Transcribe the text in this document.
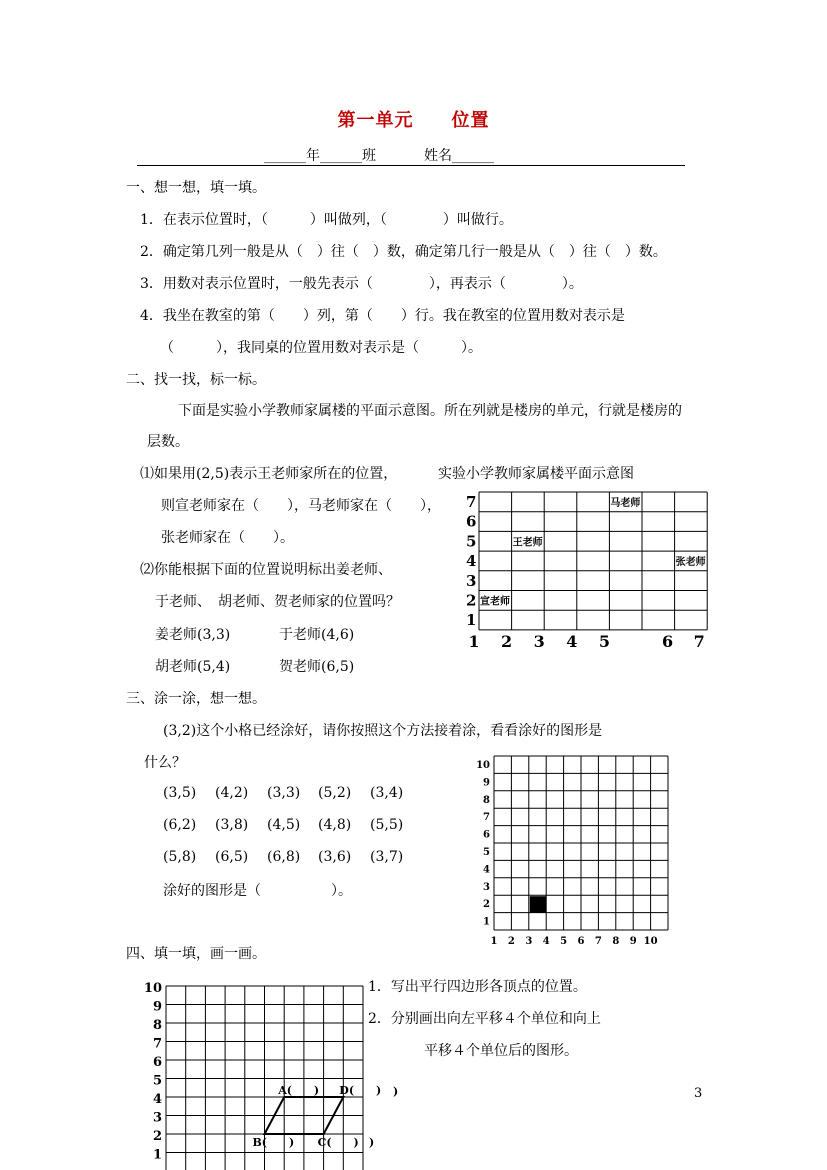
第一单元　　位置
______年______班	姓名______
一、想一想，填一填。
1．在表示位置时，（　　　）叫做列，（　　　　）叫做行。
2．确定第几列一般是从（　）往（　）数，确定第几行一般是从（　）往（　）数。
3．用数对表示位置时，一般先表示（　　　　），再表示（　　　　）。
4．我坐在教室的第（　　）列，第（　　）行。我在教室的位置用数对表示是
（　　　），我同桌的位置用数对表示是（　　　）。
二、找一找，标一标。
下面是实验小学教师家属楼的平面示意图。所在列就是楼房的单元，行就是楼房的
层数。
⑴如果用(2,5)表示王老师家所在的位置，
则宣老师家在（　　），马老师家在（　　），
张老师家在（　　）。
⑵你能根据下面的位置说明标出姜老师、
于老师、　胡老师、贺老师家的位置吗？
姜老师(3,3)	于老师(4,6)
胡老师(5,4)	贺老师(6,5)
实验小学教师家属楼平面示意图
7
6
5
4
3
2
1
1 2 3 4 5	6 7
马老师
王老师
张老师
宣老师
三、涂一涂，想一想。
(3,2)这个小格已经涂好，请你按照这个方法接着涂，看看涂好的图形是
什么？
(3,5) (4,2) (3,3) (5,2) (3,4)
(6,2) (3,8) (4,5) (4,8) (5,5)
(5,8) (6,5) (6,8) (3,6) (3,7)
涂好的图形是（　　　　　）。
10
9
8
7
6
5
4
3
2
1
1 2 3 4 5 6 7 8 9 10
四、填一填，画一画。
1．写出平行四边形各顶点的位置。
2．分别画出向左平移４个单位和向上
平移４个单位后的图形。
10
9
8
7
6
5
4
3
2
1
A(　　) D(　　)
B(　　) C(　　)
)
)
3
